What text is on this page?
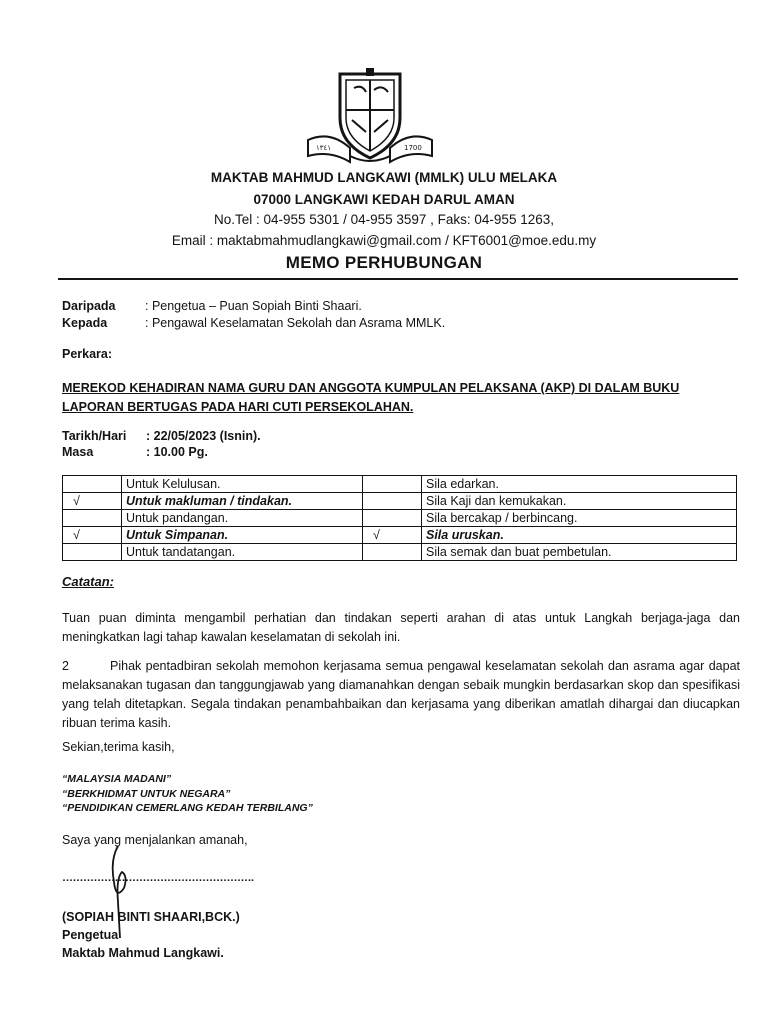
١٣٤١	1700
MAKTAB MAHMUD LANGKAWI (MMLK) ULU MELAKA
07000 LANGKAWI KEDAH DARUL AMAN
No.Tel : 04-955 5301 / 04-955 3597 , Faks: 04-955 1263,
Email : maktabmahmudlangkawi@gmail.com / KFT6001@moe.edu.my
MEMO PERHUBUNGAN
Daripada : Pengetua – Puan Sopiah Binti Shaari.
Kepada	: Pengawal Keselamatan Sekolah dan Asrama MMLK.
Perkara:
MEREKOD KEHADIRAN NAMA GURU DAN ANGGOTA KUMPULAN PELAKSANA (AKP) DI DALAM BUKU LAPORAN BERTUGAS PADA HARI CUTI PERSEKOLAHAN.
Tarikh/Hari : 22/05/2023 (Isnin).
Masa	: 10.00 Pg.
	Untuk Kelulusan.		Sila edarkan.
√	Untuk makluman / tindakan.		Sila Kaji dan kemukakan.
	Untuk pandangan.		Sila bercakap / berbincang.
√	Untuk Simpanan.	√	Sila uruskan.
	Untuk tandatangan.		Sila semak dan buat pembetulan.
Catatan:
Tuan puan diminta mengambil perhatian dan tindakan seperti arahan di atas untuk Langkah berjaga-jaga dan meningkatkan lagi tahap kawalan keselamatan di sekolah ini.
2	Pihak pentadbiran sekolah memohon kerjasama semua pengawal keselamatan sekolah dan asrama agar dapat melaksanakan tugasan dan tanggungjawab yang diamanahkan dengan sebaik mungkin berdasarkan skop dan spesifikasi yang telah ditetapkan. Segala tindakan penambahbaikan dan kerjasama yang diberikan amatlah dihargai dan diucapkan ribuan terima kasih.
Sekian,terima kasih,
“MALAYSIA MADANI”
“BERKHIDMAT UNTUK NEGARA”
“PENDIDIKAN CEMERLANG KEDAH TERBILANG”
Saya yang menjalankan amanah,
……………………………………………….
(SOPIAH BINTI SHAARI,BCK.)
Pengetua
Maktab Mahmud Langkawi.
